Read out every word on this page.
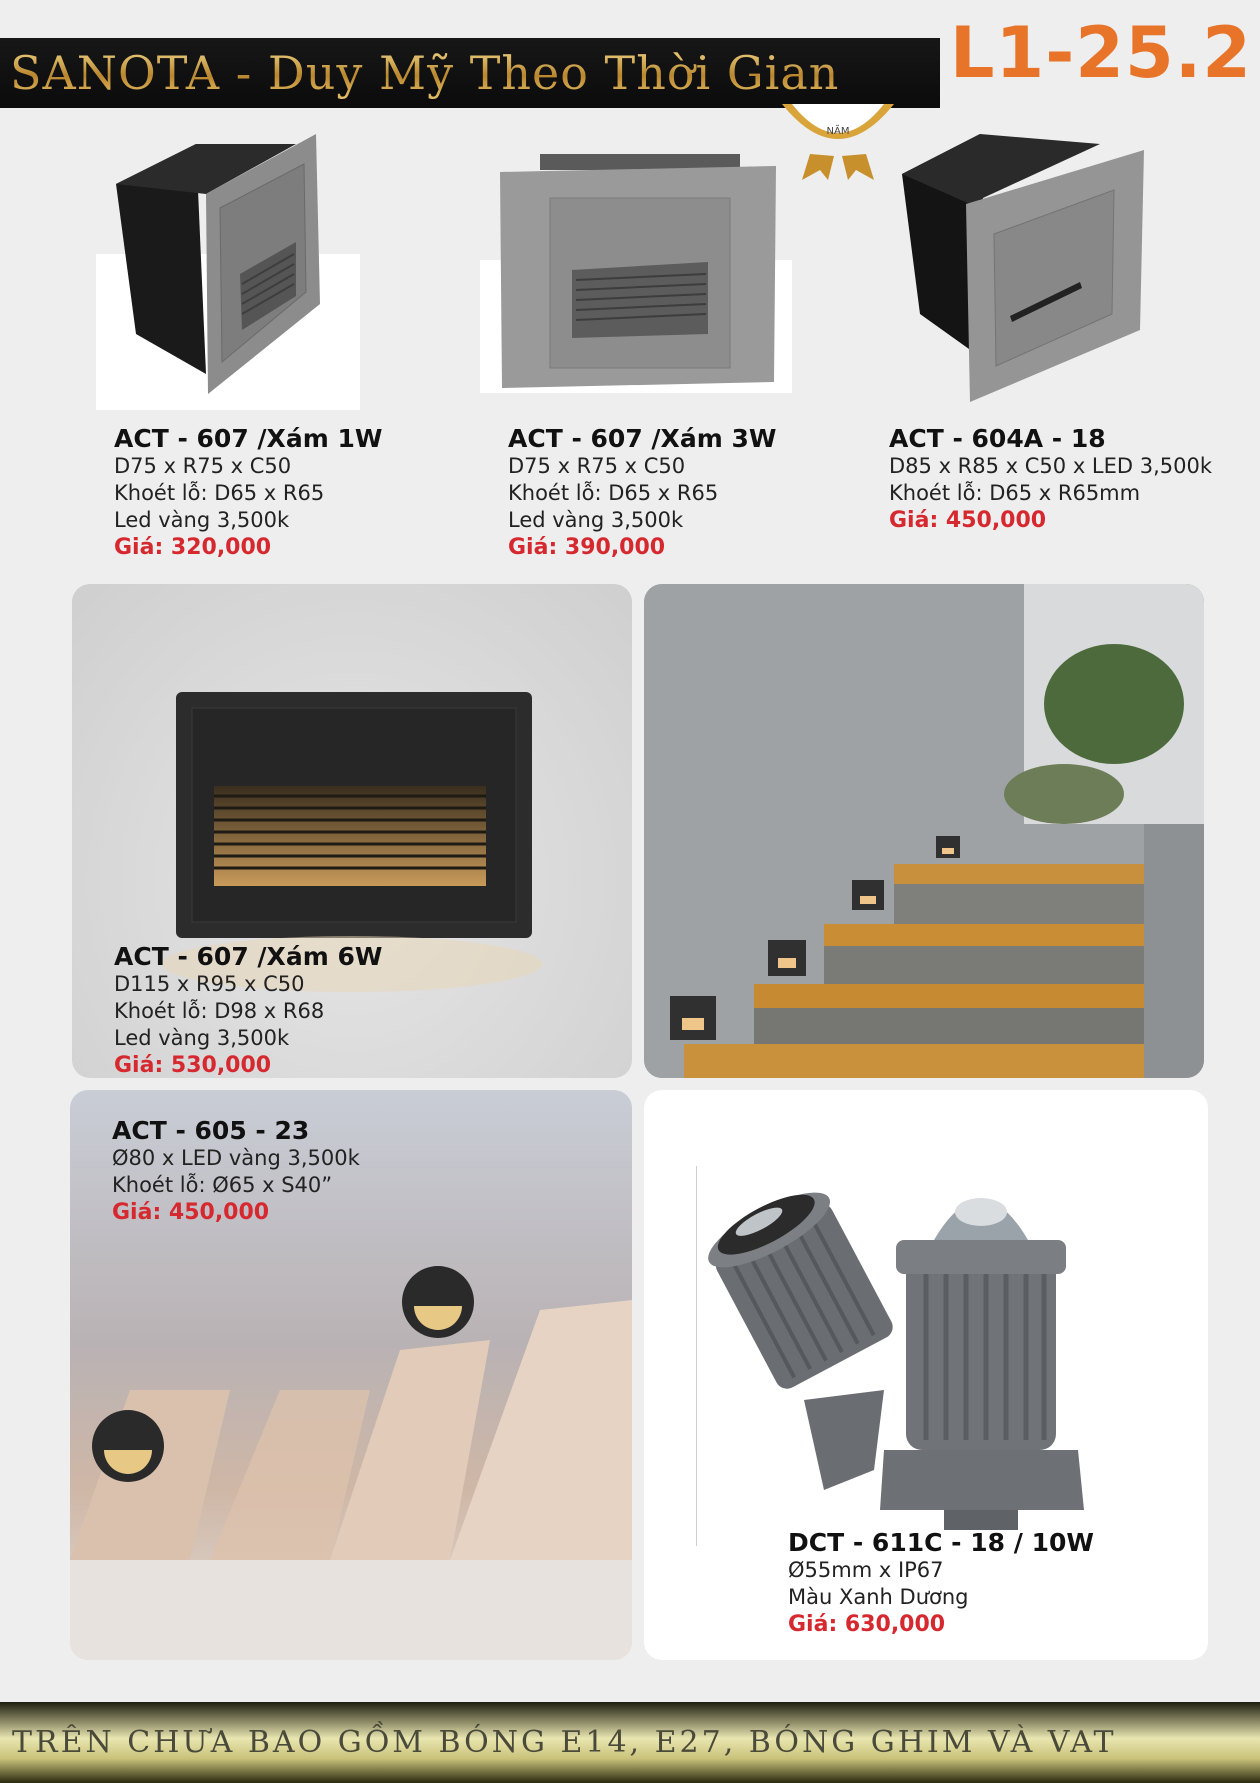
SANOTA - Duy Mỹ Theo Thời Gian L1-25.2
NĂM
ACT - 607 /Xám 1W
D75 x R75 x C50
Khoét lỗ: D65 x R65
Led vàng 3,500k
Giá: 320,000
ACT - 607 /Xám 3W
D75 x R75 x C50
Khoét lỗ: D65 x R65
Led vàng 3,500k
Giá: 390,000
ACT - 604A - 18
D85 x R85 x C50 x LED 3,500k
Khoét lỗ: D65 x R65mm
Giá: 450,000
ACT - 607 /Xám 6W
D115 x R95 x C50
Khoét lỗ: D98 x R68
Led vàng 3,500k
Giá: 530,000
ACT - 605 - 23
Ø80 x LED vàng 3,500k
Khoét lỗ: Ø65 x S40”
Giá: 450,000
DCT - 611C - 18 / 10W
Ø55mm x IP67
Màu Xanh Dương
Giá: 630,000
TRÊN CHƯA BAO GỒM BÓNG E14, E27, BÓNG GHIM VÀ VAT
